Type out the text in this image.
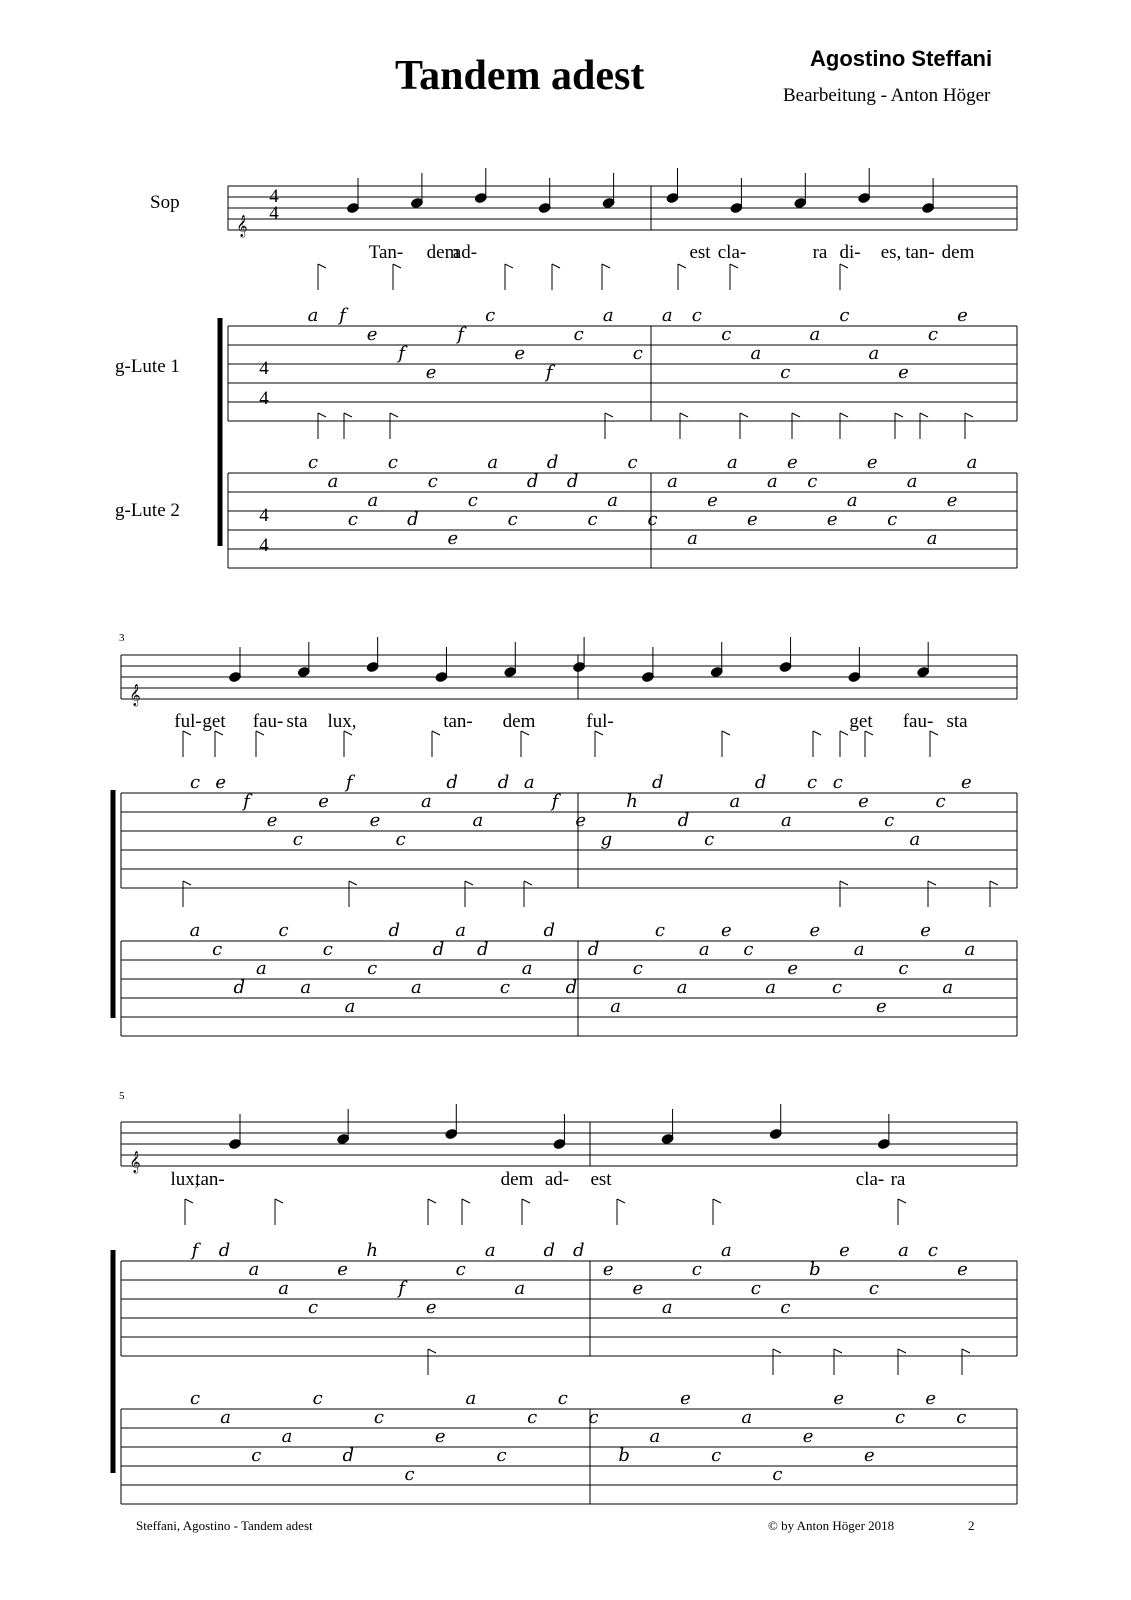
Tandem adest	Agostino Steffani
Bearbeitung - Anton Höger
Sop
g-Lute 1
g-Lute 2
𝄞
4
4
4
4
4
4
Tan- dem
ad-	est cla-	ra di- es, tan- dem
a f
e
f
e
f
c
e
f
c
a
c
a c
c
a
c
a
c
a
e
c
e
c
a
c
a
c
d
c
e
c
a
c
d
d
d
c
a
c
c
a
a
e
a
e
a
e
c
e
a
e
c
a
a
e
a
𝄞
3
ful- get fau- sta lux,	tan- dem	ful-	get fau- sta
c e
f
e
c
e
f
e
c
a
d
a
d a
f
e
g
h
d
d
c
a
d
a
c c
e
c
a
c
e
a
c
d
a
c
a
c
a
c
d
a
d
a
d
c
a
d
d
d
a
c
c
a
a
e
c
a
e
e
c
a
e
c
e
a
a
𝄞
5
lux,
tan-	dem ad- est	cla- ra
f d
a
a
c
e
h
f
e
c
a
a
d d
e
e
a
c
a
c
c
b
e
c
a c
e
c
a
c
a
c
d
c
c
e
a
c
c
c
c
b
a
e
c
a
c
e
e
e
c
e
c
Steffani, Agostino - Tandem adest	© by Anton Höger 2018	2
